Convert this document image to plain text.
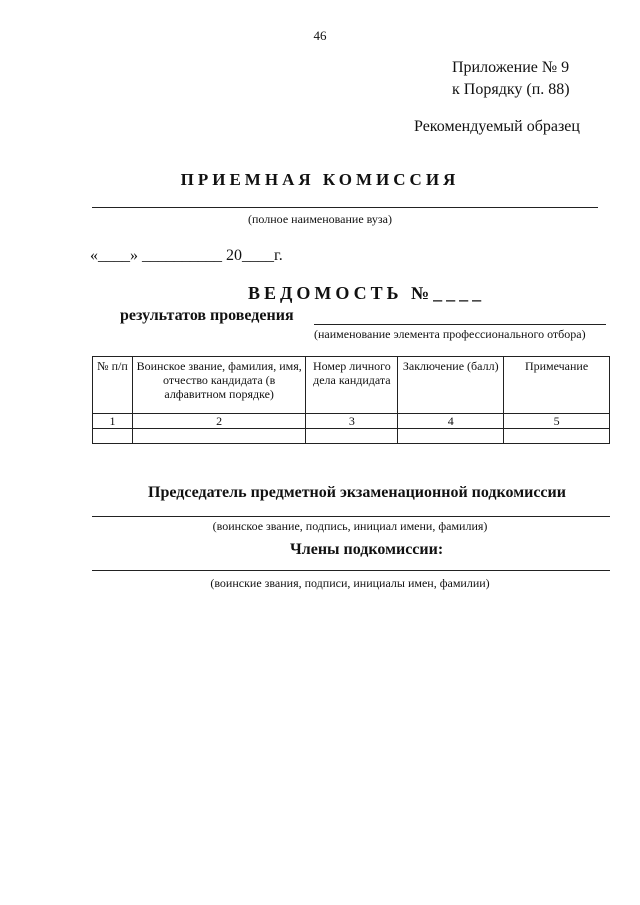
46
Приложение № 9
к Порядку (п. 88)
Рекомендуемый образец
ПРИЕМНАЯ КОМИССИЯ
(полное наименование вуза)
«____» __________ 20____г.
ВЕДОМОСТЬ №____
результатов проведения
(наименование элемента профессионального отбора)
№ п/п	Воинское звание, фамилия, имя, отчество кандидата (в алфавитном порядке)	Номер личного дела кандидата	Заключение (балл)	Примечание
1	2	3	4	5

Председатель предметной экзаменационной подкомиссии
(воинское звание, подпись, инициал имени, фамилия)
Члены подкомиссии:
(воинские звания, подписи, инициалы имен, фамилии)
